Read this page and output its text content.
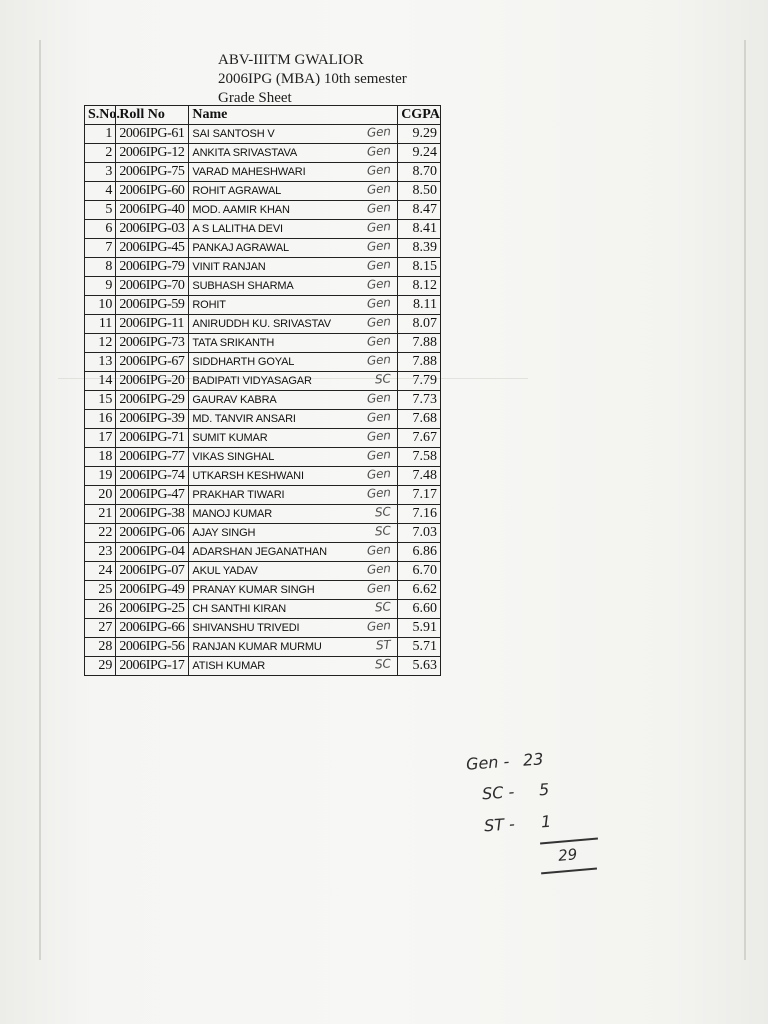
ABV-IIITM GWALIOR
2006IPG (MBA) 10th semester
Grade Sheet
S.No.	Roll No	Name	CGPA
1	2006IPG-61	SAI SANTOSH V Gen	9.29
2	2006IPG-12	ANKITA SRIVASTAVA Gen	9.24
3	2006IPG-75	VARAD MAHESHWARI Gen	8.70
4	2006IPG-60	ROHIT AGRAWAL Gen	8.50
5	2006IPG-40	MOD. AAMIR KHAN Gen	8.47
6	2006IPG-03	A S LALITHA DEVI Gen	8.41
7	2006IPG-45	PANKAJ AGRAWAL Gen	8.39
8	2006IPG-79	VINIT RANJAN Gen	8.15
9	2006IPG-70	SUBHASH SHARMA Gen	8.12
10	2006IPG-59	ROHIT Gen	8.11
11	2006IPG-11	ANIRUDDH KU. SRIVASTAV Gen	8.07
12	2006IPG-73	TATA SRIKANTH Gen	7.88
13	2006IPG-67	SIDDHARTH GOYAL Gen	7.88
14	2006IPG-20	BADIPATI VIDYASAGAR SC	7.79
15	2006IPG-29	GAURAV KABRA Gen	7.73
16	2006IPG-39	MD. TANVIR ANSARI Gen	7.68
17	2006IPG-71	SUMIT KUMAR Gen	7.67
18	2006IPG-77	VIKAS SINGHAL Gen	7.58
19	2006IPG-74	UTKARSH KESHWANI Gen	7.48
20	2006IPG-47	PRAKHAR TIWARI Gen	7.17
21	2006IPG-38	MANOJ KUMAR SC	7.16
22	2006IPG-06	AJAY SINGH SC	7.03
23	2006IPG-04	ADARSHAN JEGANATHAN Gen	6.86
24	2006IPG-07	AKUL YADAV Gen	6.70
25	2006IPG-49	PRANAY KUMAR SINGH Gen	6.62
26	2006IPG-25	CH SANTHI KIRAN SC	6.60
27	2006IPG-66	SHIVANSHU TRIVEDI Gen	5.91
28	2006IPG-56	RANJAN KUMAR MURMU ST	5.71
29	2006IPG-17	ATISH KUMAR SC	5.63
Gen - 23
SC - 5
ST - 1
29
